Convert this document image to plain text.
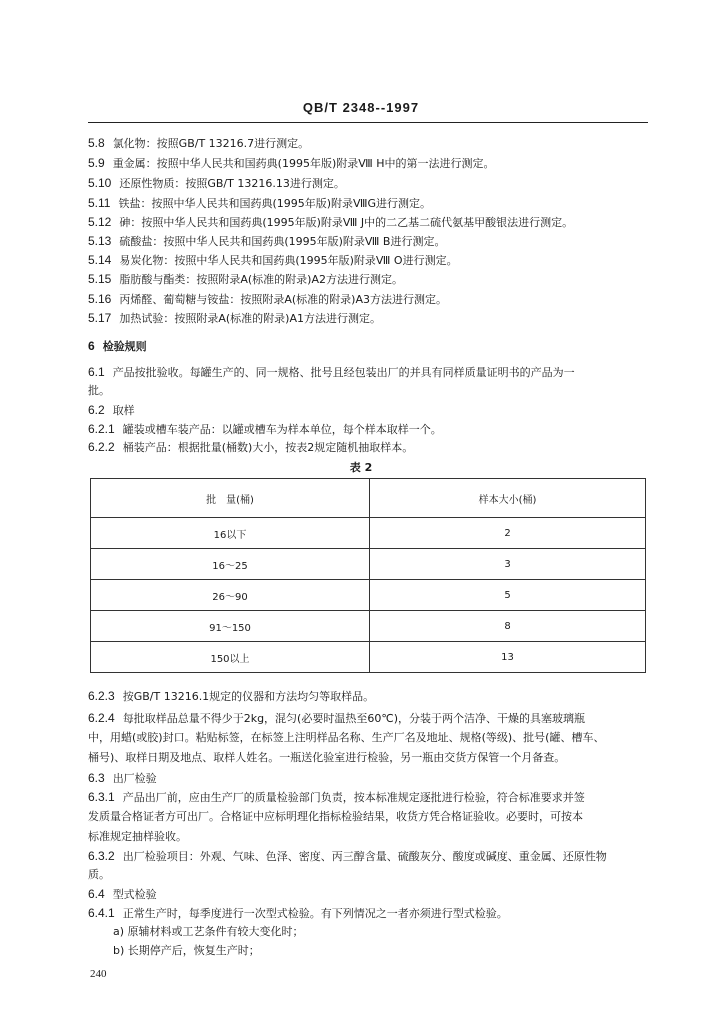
QB/T 2348--1997
5.8 氯化物：按照GB/T 13216.7进行测定。
5.9 重金属：按照中华人民共和国药典(1995年版)附录Ⅷ H中的第一法进行测定。
5.10 还原性物质：按照GB/T 13216.13进行测定。
5.11 铁盐：按照中华人民共和国药典(1995年版)附录ⅧG进行测定。
5.12 砷：按照中华人民共和国药典(1995年版)附录Ⅷ J中的二乙基二硫代氨基甲酸银法进行测定。
5.13 硫酸盐：按照中华人民共和国药典(1995年版)附录Ⅷ B进行测定。
5.14 易炭化物：按照中华人民共和国药典(1995年版)附录Ⅷ O进行测定。
5.15 脂肪酸与酯类：按照附录A(标准的附录)A2方法进行测定。
5.16 丙烯醛、葡萄糖与铵盐：按照附录A(标准的附录)A3方法进行测定。
5.17 加热试验：按照附录A(标准的附录)A1方法进行测定。
6 检验规则
6.1 产品按批验收。每罐生产的、同一规格、批号且经包装出厂的并具有同样质量证明书的产品为一
批。
6.2 取样
6.2.1 罐装或槽车装产品：以罐或槽车为样本单位，每个样本取样一个。
6.2.2 桶装产品：根据批量(桶数)大小，按表2规定随机抽取样本。
表 2
批　量(桶)	样本大小(桶)
16以下	2
16～25	3
26～90	5
91～150	8
150以上	13
6.2.3 按GB/T 13216.1规定的仪器和方法均匀等取样品。
6.2.4 每批取样品总量不得少于2kg，混匀(必要时温热至60℃)，分装于两个洁净、干燥的具塞玻璃瓶
中，用蜡(或胶)封口。粘贴标签，在标签上注明样品名称、生产厂名及地址、规格(等级)、批号(罐、槽车、
桶号)、取样日期及地点、取样人姓名。一瓶送化验室进行检验，另一瓶由交货方保管一个月备查。
6.3 出厂检验
6.3.1 产品出厂前，应由生产厂的质量检验部门负责，按本标准规定逐批进行检验，符合标准要求并签
发质量合格证者方可出厂。合格证中应标明理化指标检验结果，收货方凭合格证验收。必要时，可按本
标准规定抽样验收。
6.3.2 出厂检验项目：外观、气味、色泽、密度、丙三醇含量、硫酸灰分、酸度或碱度、重金属、还原性物
质。
6.4 型式检验
6.4.1 正常生产时，每季度进行一次型式检验。有下列情况之一者亦须进行型式检验。
a) 原辅材料或工艺条件有较大变化时；
b) 长期停产后，恢复生产时；
240
